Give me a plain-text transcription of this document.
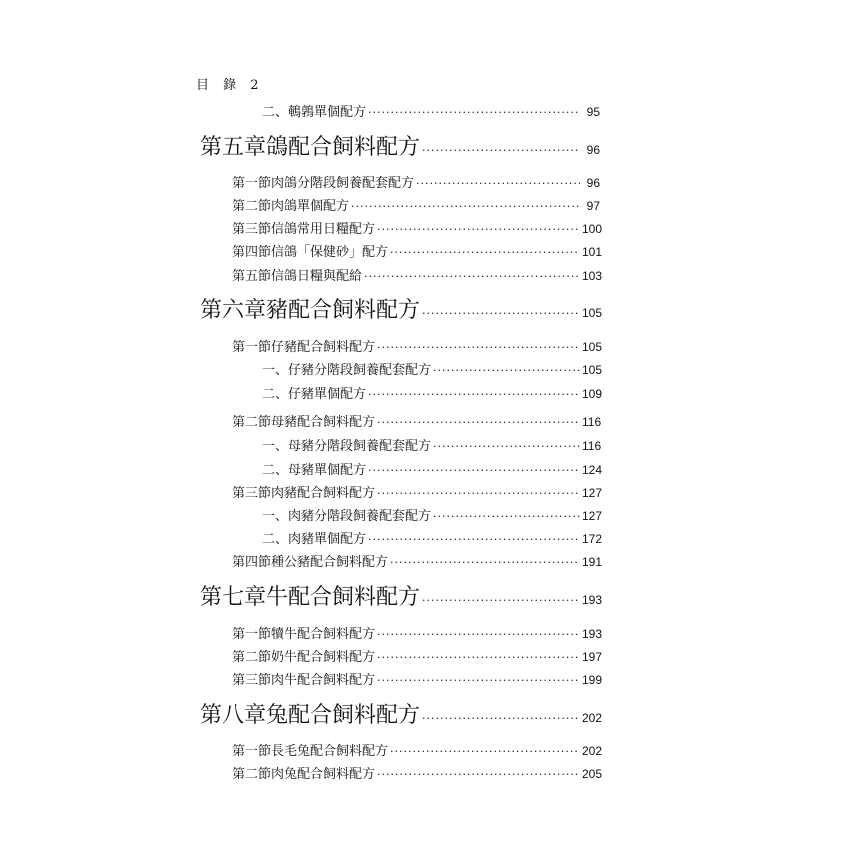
目 錄 2
二、 鵪鶉單個配方 ·····	95
第五章 鴿配合飼料配方 ·····	96
第一節 肉鴿分階段飼養配套配方 ·····	96
第二節 肉鴿單個配方 ·····	97
第三節 信鴿常用日糧配方 ·····	100
第四節 信鴿「保健砂」配方 ·····	101
第五節 信鴿日糧與配給 ·····	103
第六章 豬配合飼料配方 ·····	105
第一節 仔豬配合飼料配方 ·····	105
一、 仔豬分階段飼養配套配方 ·····	105
二、 仔豬單個配方 ·····	109
第二節 母豬配合飼料配方 ·····	116
一、 母豬分階段飼養配套配方 ·····	116
二、 母豬單個配方 ·····	124
第三節 肉豬配合飼料配方 ·····	127
一、 肉豬分階段飼養配套配方 ·····	127
二、 肉豬單個配方 ·····	172
第四節 種公豬配合飼料配方 ·····	191
第七章 牛配合飼料配方 ·····	193
第一節 犢牛配合飼料配方 ·····	193
第二節 奶牛配合飼料配方 ·····	197
第三節 肉牛配合飼料配方 ·····	199
第八章 兔配合飼料配方 ·····	202
第一節 長毛兔配合飼料配方 ·····	202
第二節 肉兔配合飼料配方 ·····	205
